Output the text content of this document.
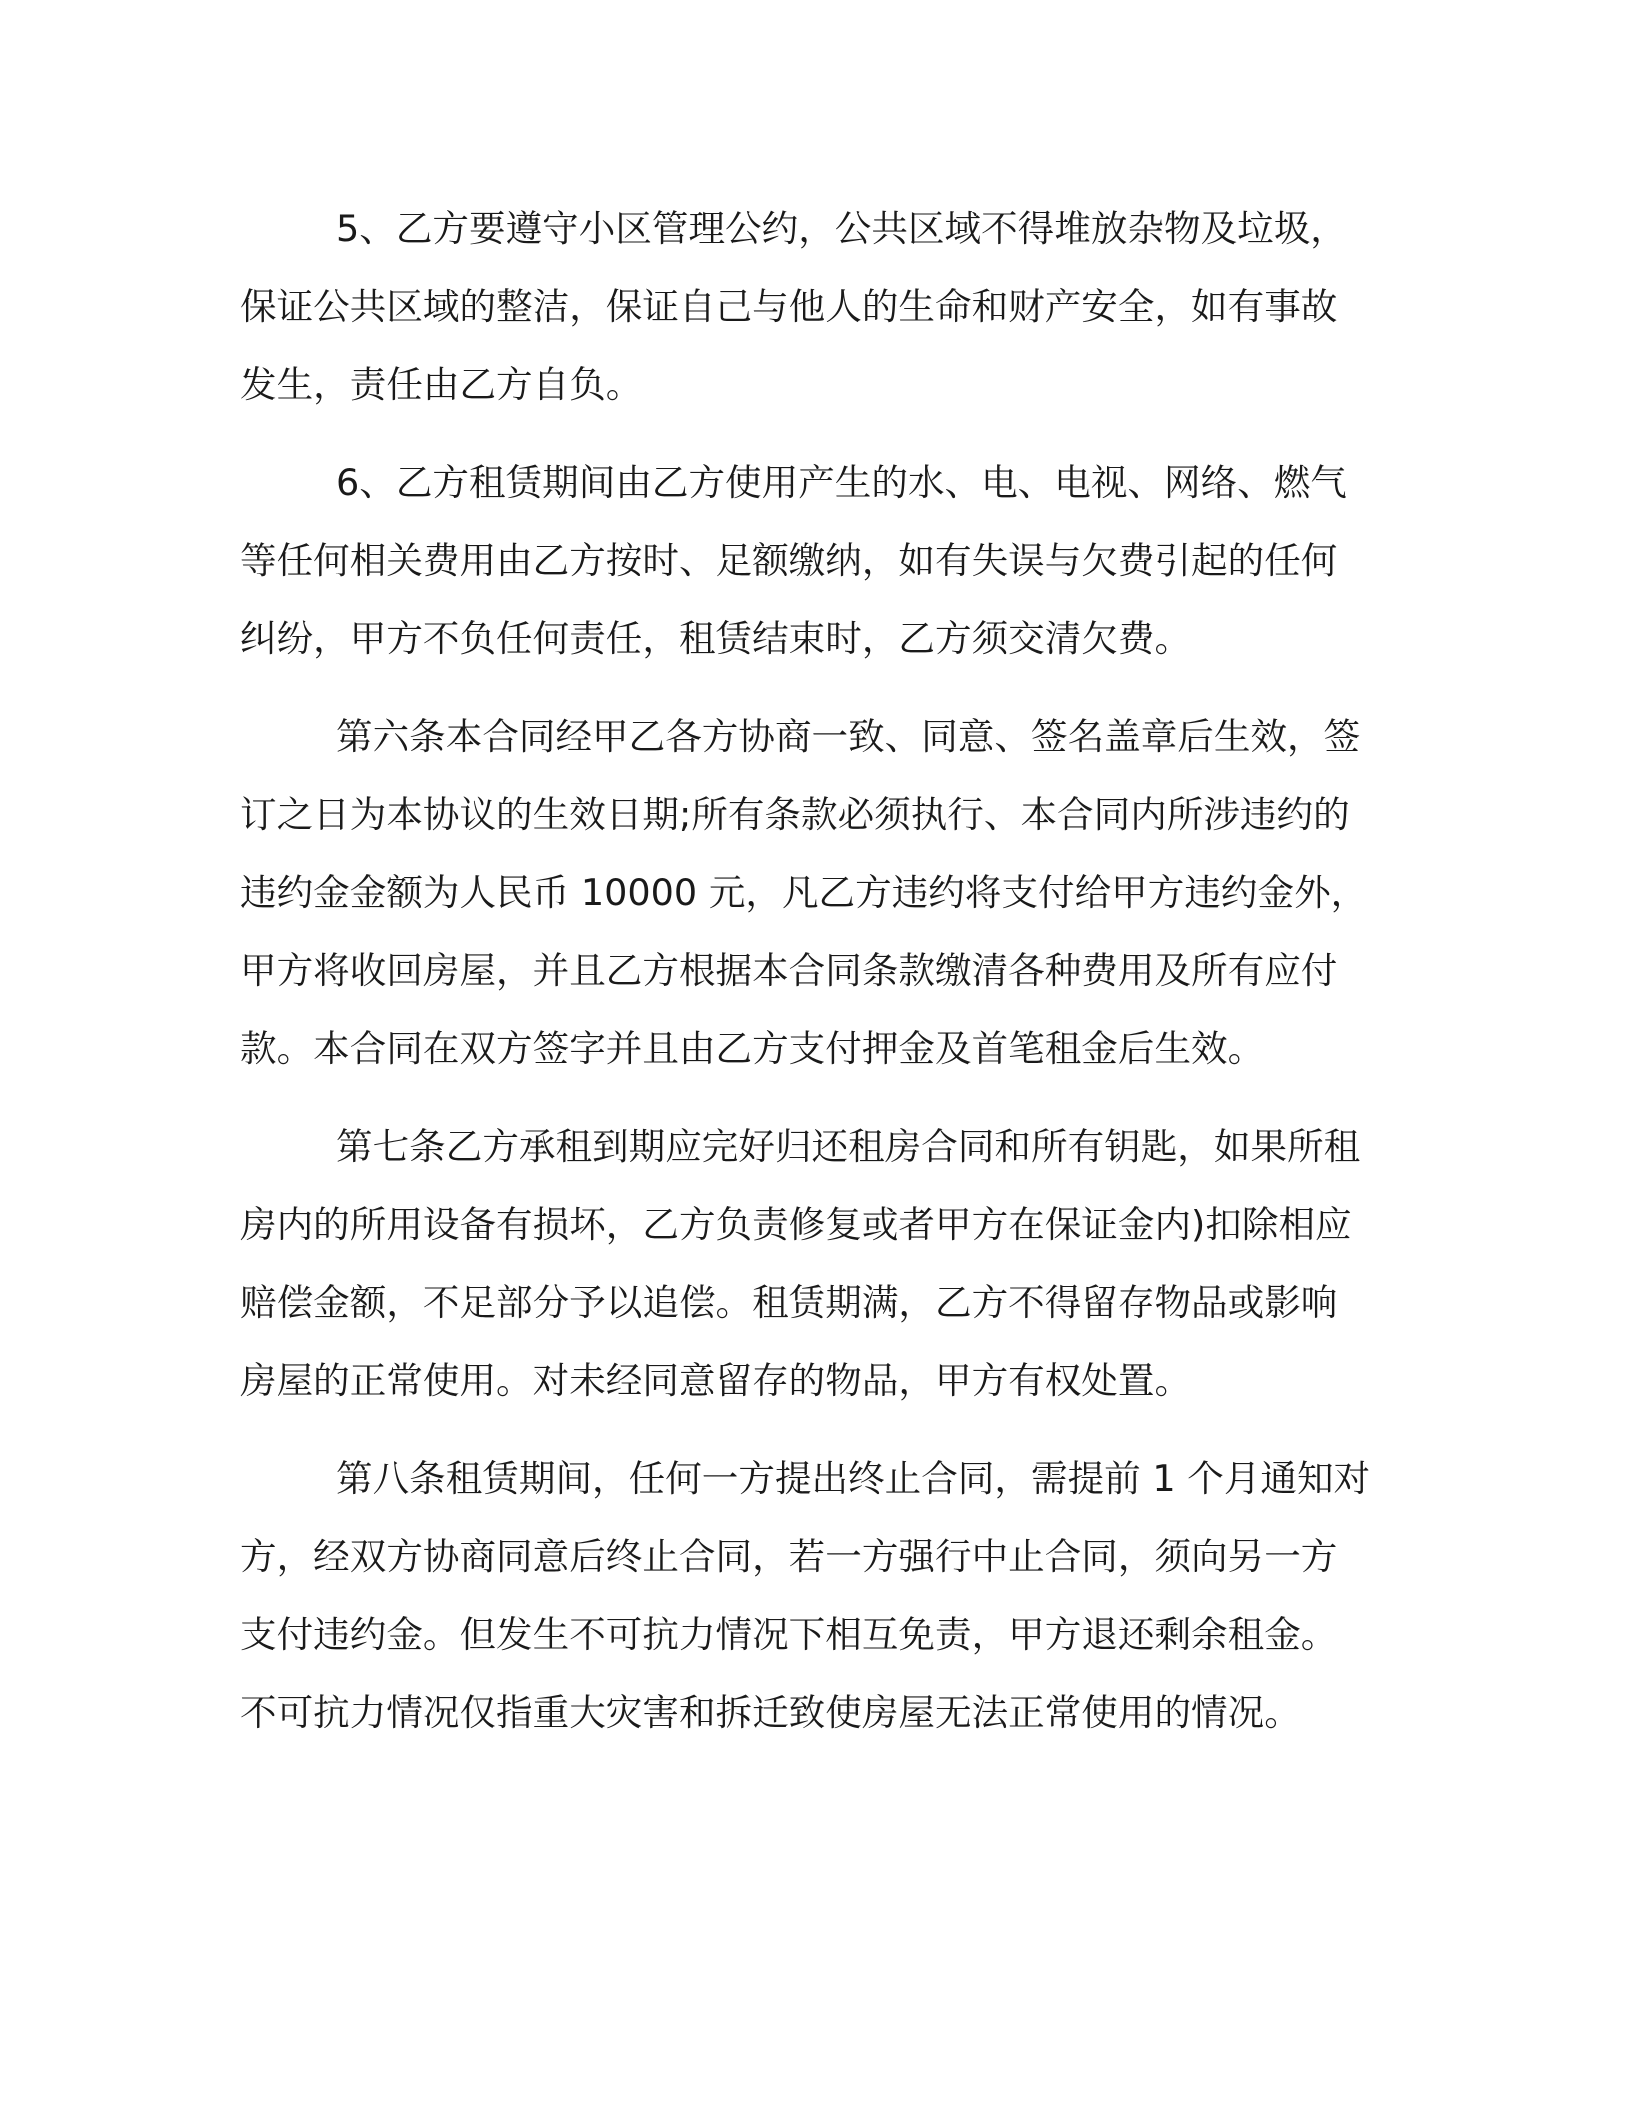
5、乙方要遵守小区管理公约，公共区域不得堆放杂物及垃圾，
保证公共区域的整洁，保证自己与他人的生命和财产安全，如有事故
发生，责任由乙方自负。

6、乙方租赁期间由乙方使用产生的水、电、电视、网络、燃气
等任何相关费用由乙方按时、足额缴纳，如有失误与欠费引起的任何
纠纷，甲方不负任何责任，租赁结束时，乙方须交清欠费。

第六条本合同经甲乙各方协商一致、同意、签名盖章后生效，签
订之日为本协议的生效日期;所有条款必须执行、本合同内所涉违约的
违约金金额为人民币 10000 元，凡乙方违约将支付给甲方违约金外，
甲方将收回房屋，并且乙方根据本合同条款缴清各种费用及所有应付
款。本合同在双方签字并且由乙方支付押金及首笔租金后生效。

第七条乙方承租到期应完好归还租房合同和所有钥匙，如果所租
房内的所用设备有损坏，乙方负责修复或者甲方在保证金内)扣除相应
赔偿金额，不足部分予以追偿。租赁期满，乙方不得留存物品或影响
房屋的正常使用。对未经同意留存的物品，甲方有权处置。

第八条租赁期间，任何一方提出终止合同，需提前 1 个月通知对
方，经双方协商同意后终止合同，若一方强行中止合同，须向另一方
支付违约金。但发生不可抗力情况下相互免责，甲方退还剩余租金。
不可抗力情况仅指重大灾害和拆迁致使房屋无法正常使用的情况。
